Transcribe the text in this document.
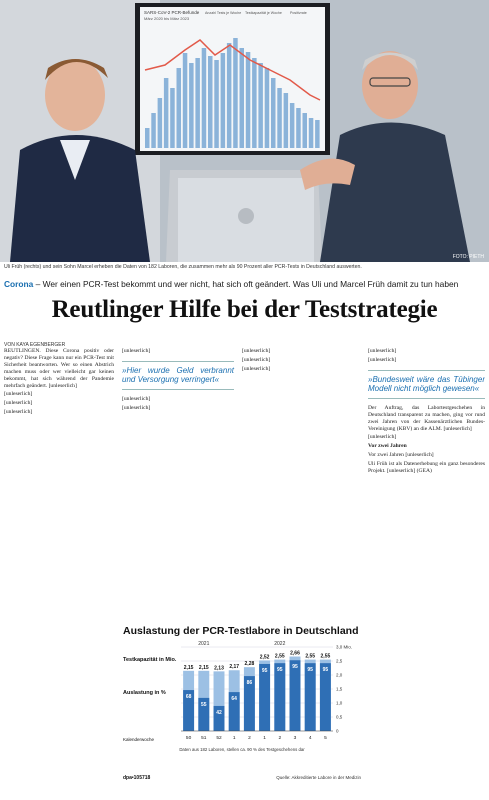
SARS-CoV-2 PCR-Befunde
März 2020 bis März 2023
Anzahl Tests je Woche Testkapazität je Woche Positivrate
FOTO: PIETH
Uli Früh (rechts) und sein Sohn Marcel erheben die Daten von 182 Laboren, die zusammen mehr als 90 Prozent aller PCR-Tests in Deutschland auswerten.
Corona – Wer einen PCR-Test bekommt und wer nicht, hat sich oft geändert. Was Uli und Marcel Früh damit zu tun haben
Reutlinger Hilfe bei der Teststrategie
VON KAYA EGENBERGER

REUTLINGEN. Diese Corona positiv oder negativ? Diese Frage kann nur ein PCR-Test mit Sicherheit beantworten. Wer so einen Abstrich machen muss oder wer vielleicht gar keinen bekommt, hat sich während der Pandemie mehrfach geändert. [unleserlich]

[unleserlich]

[unleserlich]

[unleserlich]

[unleserlich]

»Hier wurde Geld verbrannt und Versorgung verringert«

[unleserlich]

[unleserlich]

[unleserlich]

[unleserlich]

[unleserlich]

[unleserlich]

[unleserlich]

»Bundesweit wäre das Tübinger Modell nicht möglich gewesen«

Der Auftrag, das Labortestgeschehen in Deutschland transparent zu machen, ging vor rund zwei Jahren von der Kassenärztlichen Bundes-Vereinigung (KBV) an die ALM. [unleserlich]

[unleserlich]

Vor zwei Jahren

Vor zwei Jahren [unleserlich]

Uli Früh ist als Datenerhebung ein ganz besonderes Projekt. [unleserlich] (GEA)

Auslastung der PCR-Testlabore in Deutschland
3,0 Mio.
2,5
2,0
1,5
1,0
0,5
0
Testkapazität in Mio.
Auslastung in %
Kalenderwoche
2021	2022
2,15
68
50
2,15
55
51
2,13
42
52
2,17
64
1
2,28
86
2
2,52
95
1
2,55
95
2
2,66
95
3
2,55
95
4
2,55
95
5
Daten aus 182 Laboren, stellen ca. 90 % des Testgeschehens dar
dpa•105718	Quelle: Akkreditierte Labore in der Medizin
